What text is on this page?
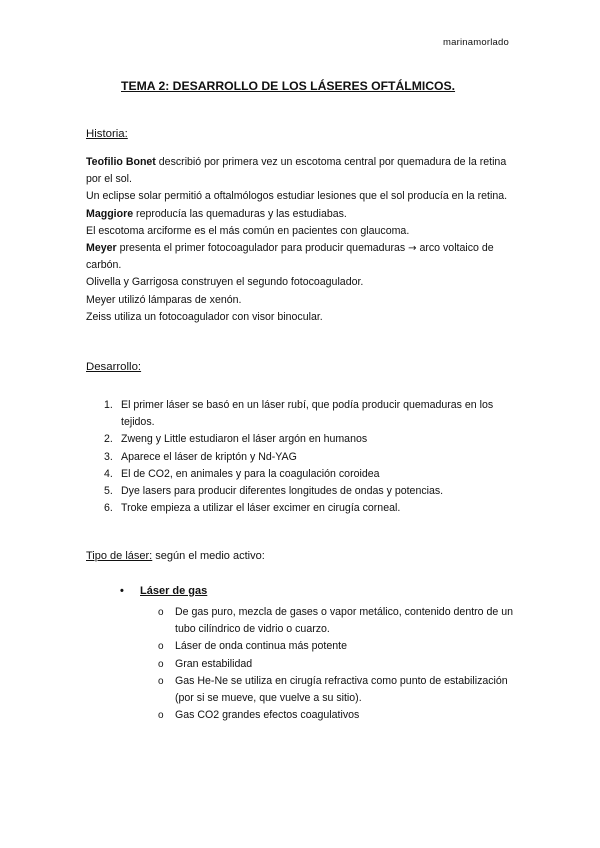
marinamorlado
TEMA 2: DESARROLLO DE LOS LÁSERES OFTÁLMICOS.
Historia:

Teofilio Bonet describió por primera vez un escotoma central por quemadura de la retina por el sol.

Un eclipse solar permitió a oftalmólogos estudiar lesiones que el sol producía en la retina. Maggiore reproducía las quemaduras y las estudiabas.

El escotoma arciforme es el más común en pacientes con glaucoma.

Meyer presenta el primer fotocoagulador para producir quemaduras → arco voltaico de carbón.

Olivella y Garrigosa construyen el segundo fotocoagulador.

Meyer utilizó lámparas de xenón.

Zeiss utiliza un fotocoagulador con visor binocular.

Desarrollo:
1. El primer láser se basó en un láser rubí, que podía producir quemaduras en los tejidos.
2. Zweng y Little estudiaron el láser argón en humanos
3. Aparece el láser de kriptón y Nd-YAG
4. El de CO2, en animales y para la coagulación coroidea
5. Dye lasers para producir diferentes longitudes de ondas y potencias.
6. Troke empieza a utilizar el láser excimer en cirugía corneal.
Tipo de láser: según el medio activo:
• Láser de gas
o De gas puro, mezcla de gases o vapor metálico, contenido dentro de un tubo cilíndrico de vidrio o cuarzo.
o Láser de onda continua más potente
o Gran estabilidad
o Gas He-Ne se utiliza en cirugía refractiva como punto de estabilización (por si se mueve, que vuelve a su sitio).
o Gas CO2 grandes efectos coagulativos
